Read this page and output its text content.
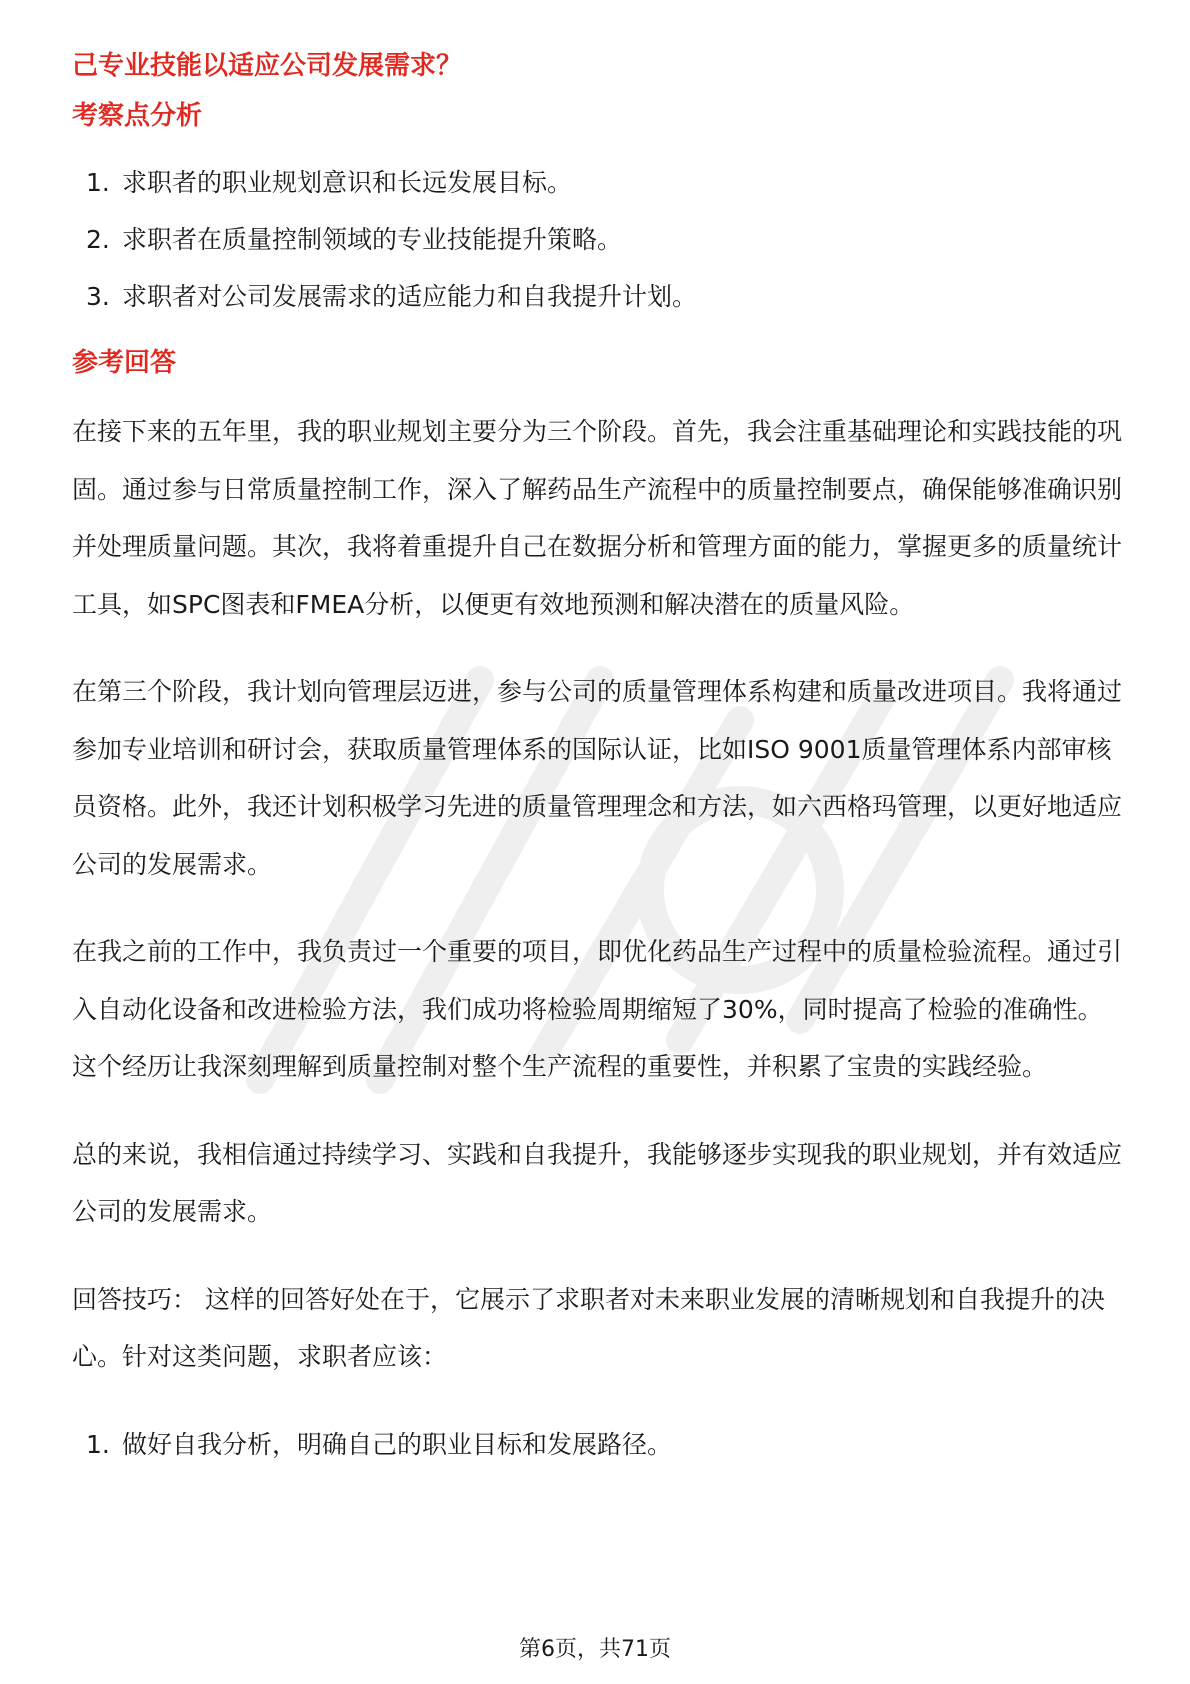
己专业技能以适应公司发展需求？
考察点分析
1. 求职者的职业规划意识和长远发展目标。
2. 求职者在质量控制领域的专业技能提升策略。
3. 求职者对公司发展需求的适应能力和自我提升计划。
参考回答

在接下来的五年里，我的职业规划主要分为三个阶段。首先，我会注重基础理论和实践技能的巩固。通过参与日常质量控制工作，深入了解药品生产流程中的质量控制要点，确保能够准确识别并处理质量问题。其次，我将着重提升自己在数据分析和管理方面的能力，掌握更多的质量统计工具，如SPC图表和FMEA分析，以便更有效地预测和解决潜在的质量风险。

在第三个阶段，我计划向管理层迈进，参与公司的质量管理体系构建和质量改进项目。我将通过参加专业培训和研讨会，获取质量管理体系的国际认证，比如ISO 9001质量管理体系内部审核员资格。此外，我还计划积极学习先进的质量管理理念和方法，如六西格玛管理，以更好地适应公司的发展需求。

在我之前的工作中，我负责过一个重要的项目，即优化药品生产过程中的质量检验流程。通过引入自动化设备和改进检验方法，我们成功将检验周期缩短了30%，同时提高了检验的准确性。这个经历让我深刻理解到质量控制对整个生产流程的重要性，并积累了宝贵的实践经验。

总的来说，我相信通过持续学习、实践和自我提升，我能够逐步实现我的职业规划，并有效适应公司的发展需求。

回答技巧： 这样的回答好处在于，它展示了求职者对未来职业发展的清晰规划和自我提升的决心。针对这类问题，求职者应该：

1. 做好自我分析，明确自己的职业目标和发展路径。
第6页，共71页
